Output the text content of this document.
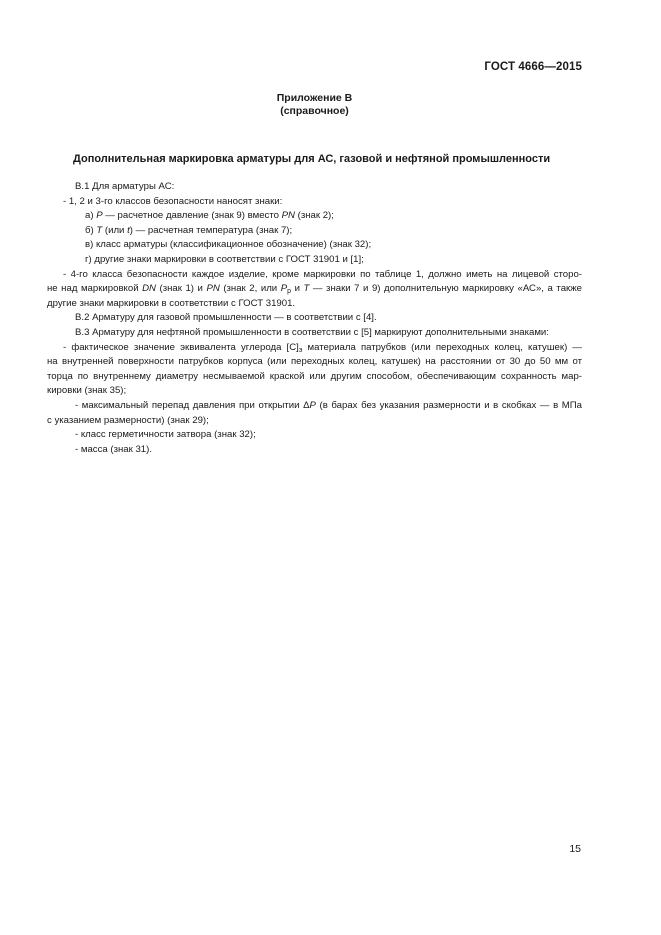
ГОСТ 4666—2015
Приложение В
(справочное)
Дополнительная маркировка арматуры для АС, газовой и нефтяной промышленности
В.1 Для арматуры АС:
- 1, 2 и 3-го классов безопасности наносят знаки:
а) P — расчетное давление (знак 9) вместо PN (знак 2);
б) T (или t) — расчетная температура (знак 7);
в) класс арматуры (классификационное обозначение) (знак 32);
г) другие знаки маркировки в соответствии с ГОСТ 31901 и [1];
- 4-го класса безопасности каждое изделие, кроме маркировки по таблице 1, должно иметь на лицевой сторо-
не над маркировкой DN (знак 1) и PN (знак 2, или $P_р$ и T — знаки 7 и 9) дополнительную маркировку «АС», а также
другие знаки маркировки в соответствии с ГОСТ 31901.
В.2 Арматуру для газовой промышленности — в соответствии с [4].
В.3 Арматуру для нефтяной промышленности в соответствии с [5] маркируют дополнительными знаками:
- фактическое значение эквивалента углерода $[С]_э$ материала патрубков (или переходных колец, катушек) —
на внутренней поверхности патрубков корпуса (или переходных колец, катушек) на расстоянии от 30 до 50 мм от
торца по внутреннему диаметру несмываемой краской или другим способом, обеспечивающим сохранность мар-
кировки (знак 35);
- максимальный перепад давления при открытии ΔP (в барах без указания размерности и в скобках — в МПа
с указанием размерности) (знак 29);
- класс герметичности затвора (знак 32);
- масса (знак 31).
15
